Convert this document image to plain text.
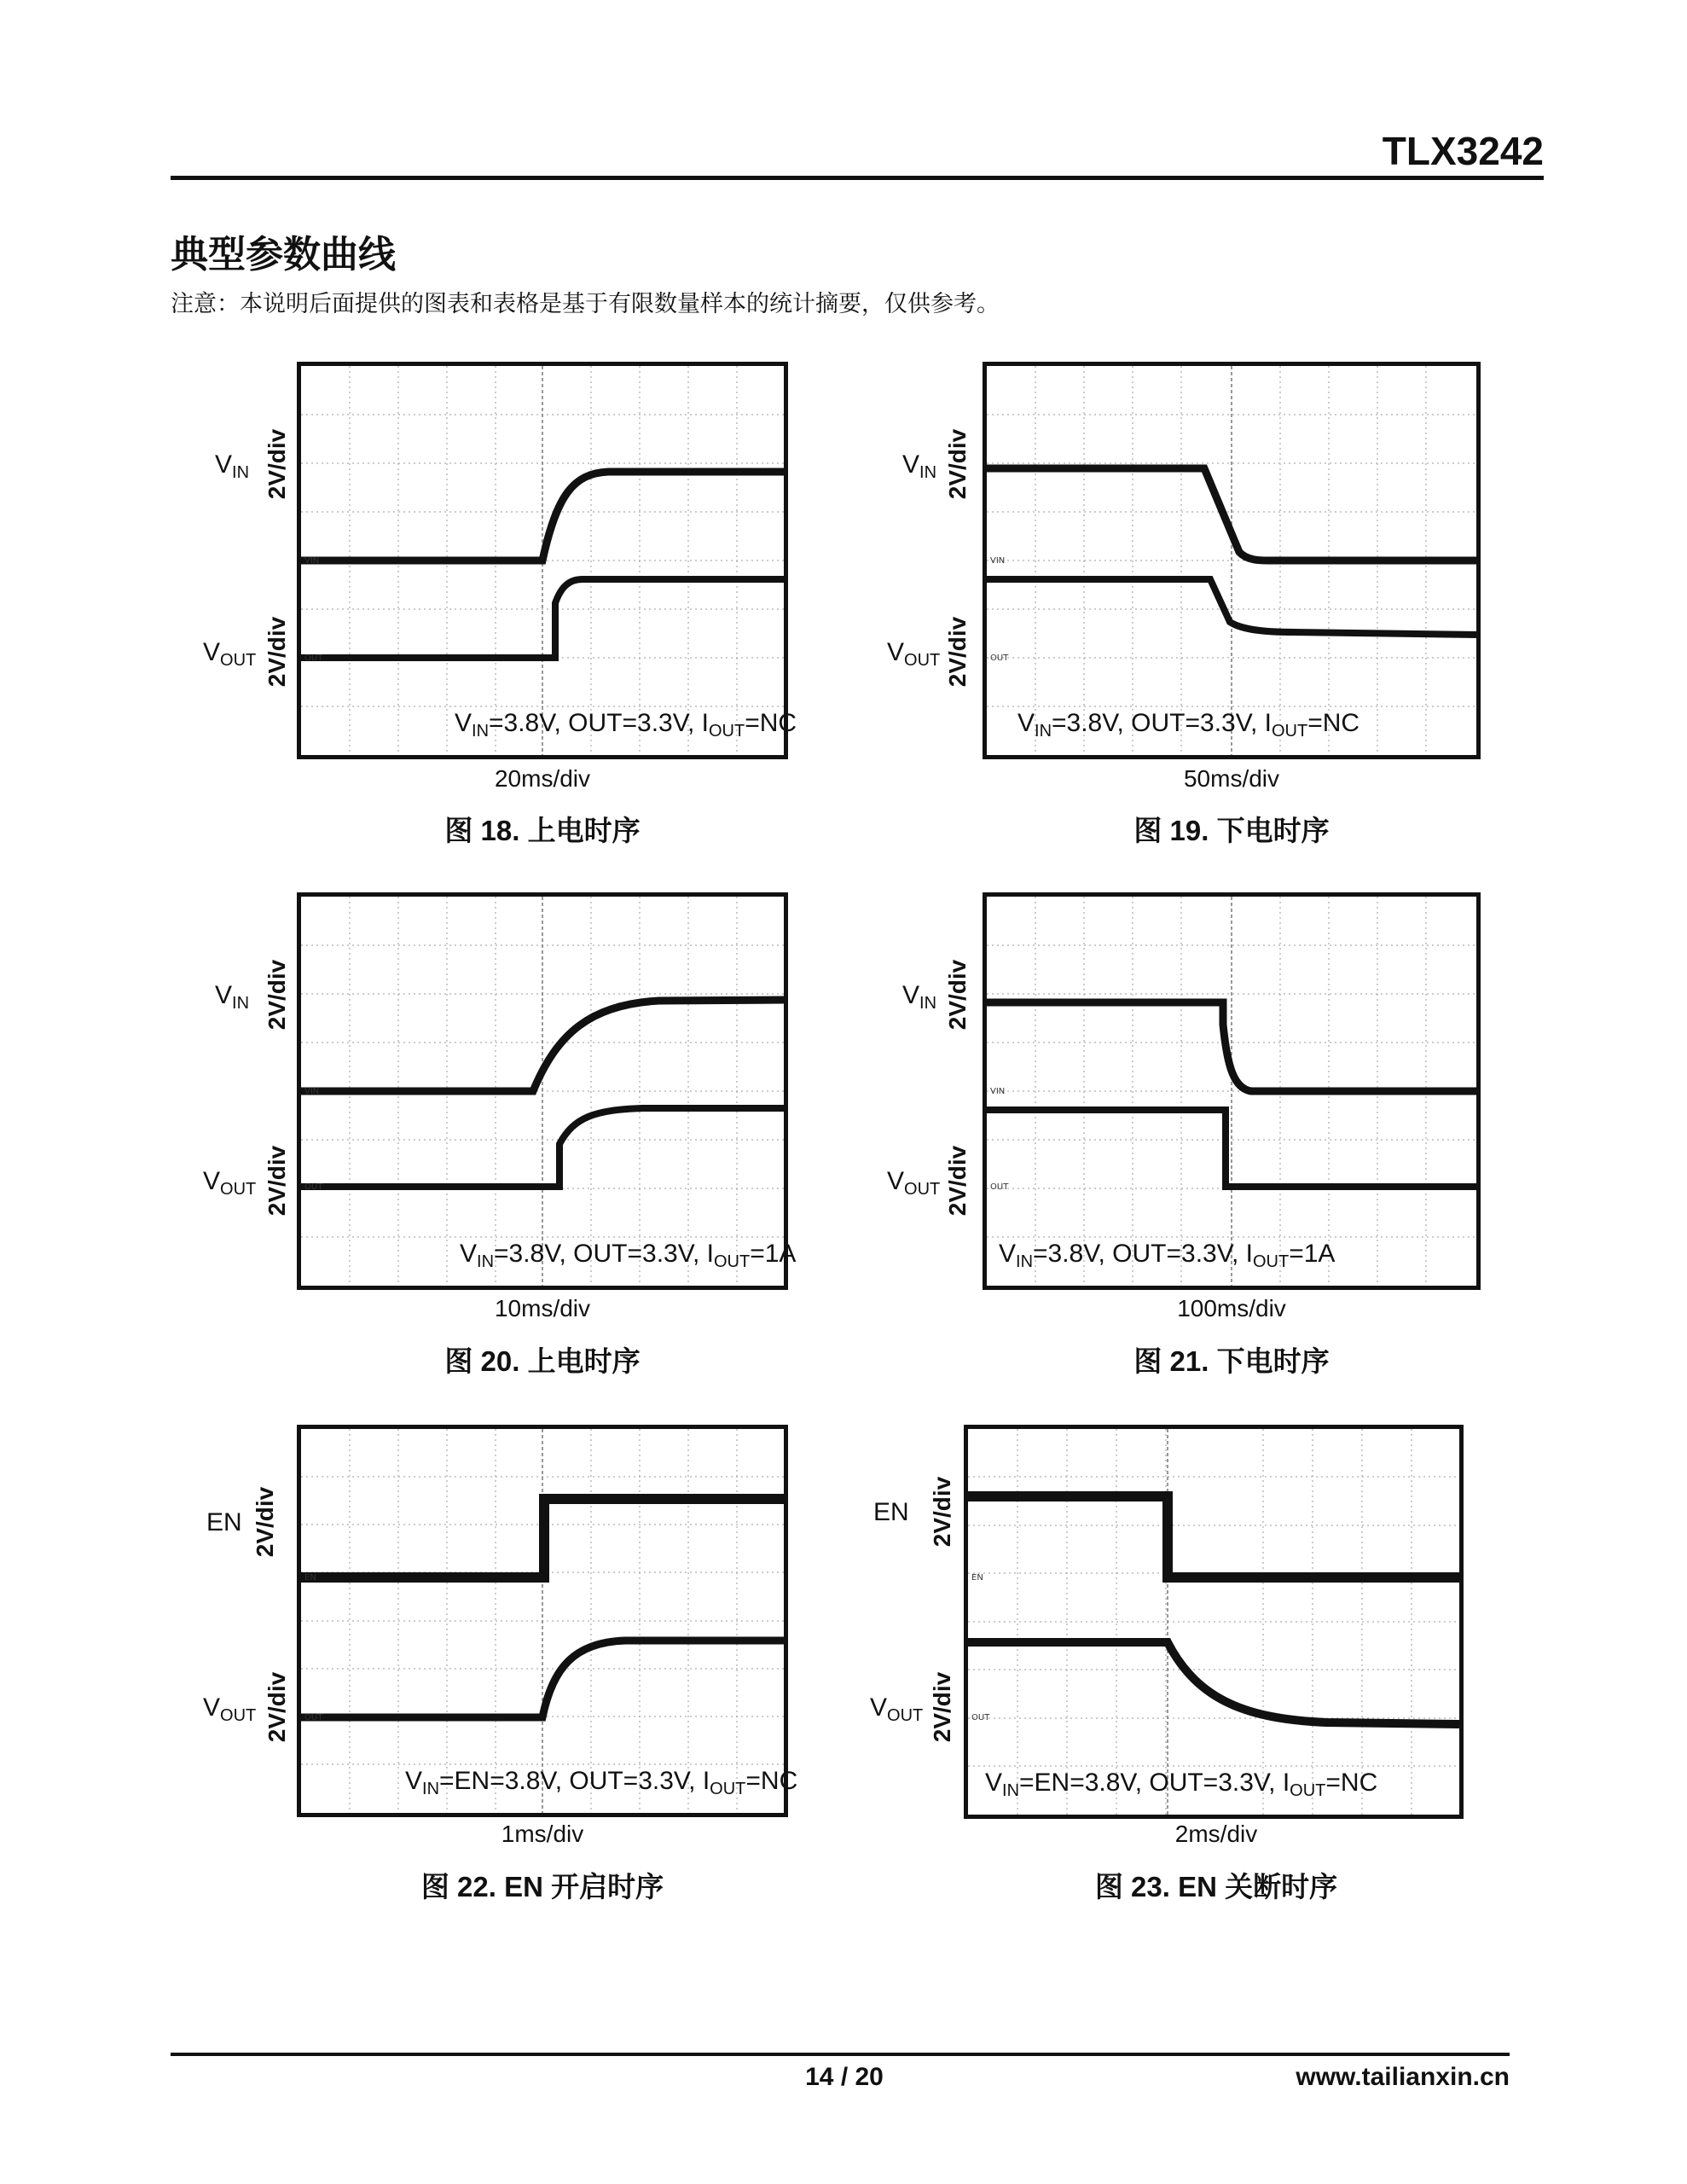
TLX3242
典型参数曲线
注意：本说明后面提供的图表和表格是基于有限数量样本的统计摘要，仅供参考。
$V_{IN}$ 2V/div
$V_{OUT}$ 2V/div
VIN
OUT
$V_{IN}=3.8V$, OUT=3.3V, $I_{OUT}=NC$
20ms/div
图 18. 上电时序
$V_{IN}$ 2V/div
$V_{OUT}$ 2V/div
VIN
OUT
$V_{IN}=3.8V$, OUT=3.3V, $I_{OUT}=NC$
50ms/div
图 19. 下电时序
$V_{IN}$ 2V/div
$V_{OUT}$ 2V/div
VIN
OUT
$V_{IN}=3.8V$, OUT=3.3V, $I_{OUT}=1A$
10ms/div
图 20. 上电时序
$V_{IN}$ 2V/div
$V_{OUT}$ 2V/div
VIN
OUT
$V_{IN}=3.8V$, OUT=3.3V, $I_{OUT}=1A$
100ms/div
图 21. 下电时序
EN 2V/div
$V_{OUT}$ 2V/div
EN
OUT
$V_{IN}=EN=3.8V$, OUT=3.3V, $I_{OUT}=NC$
1ms/div
图 22. EN 开启时序
EN 2V/div
$V_{OUT}$ 2V/div
EN
OUT
$V_{IN}=EN=3.8V$, OUT=3.3V, $I_{OUT}=NC$
2ms/div
图 23. EN 关断时序
14 / 20	www.tailianxin.cn
